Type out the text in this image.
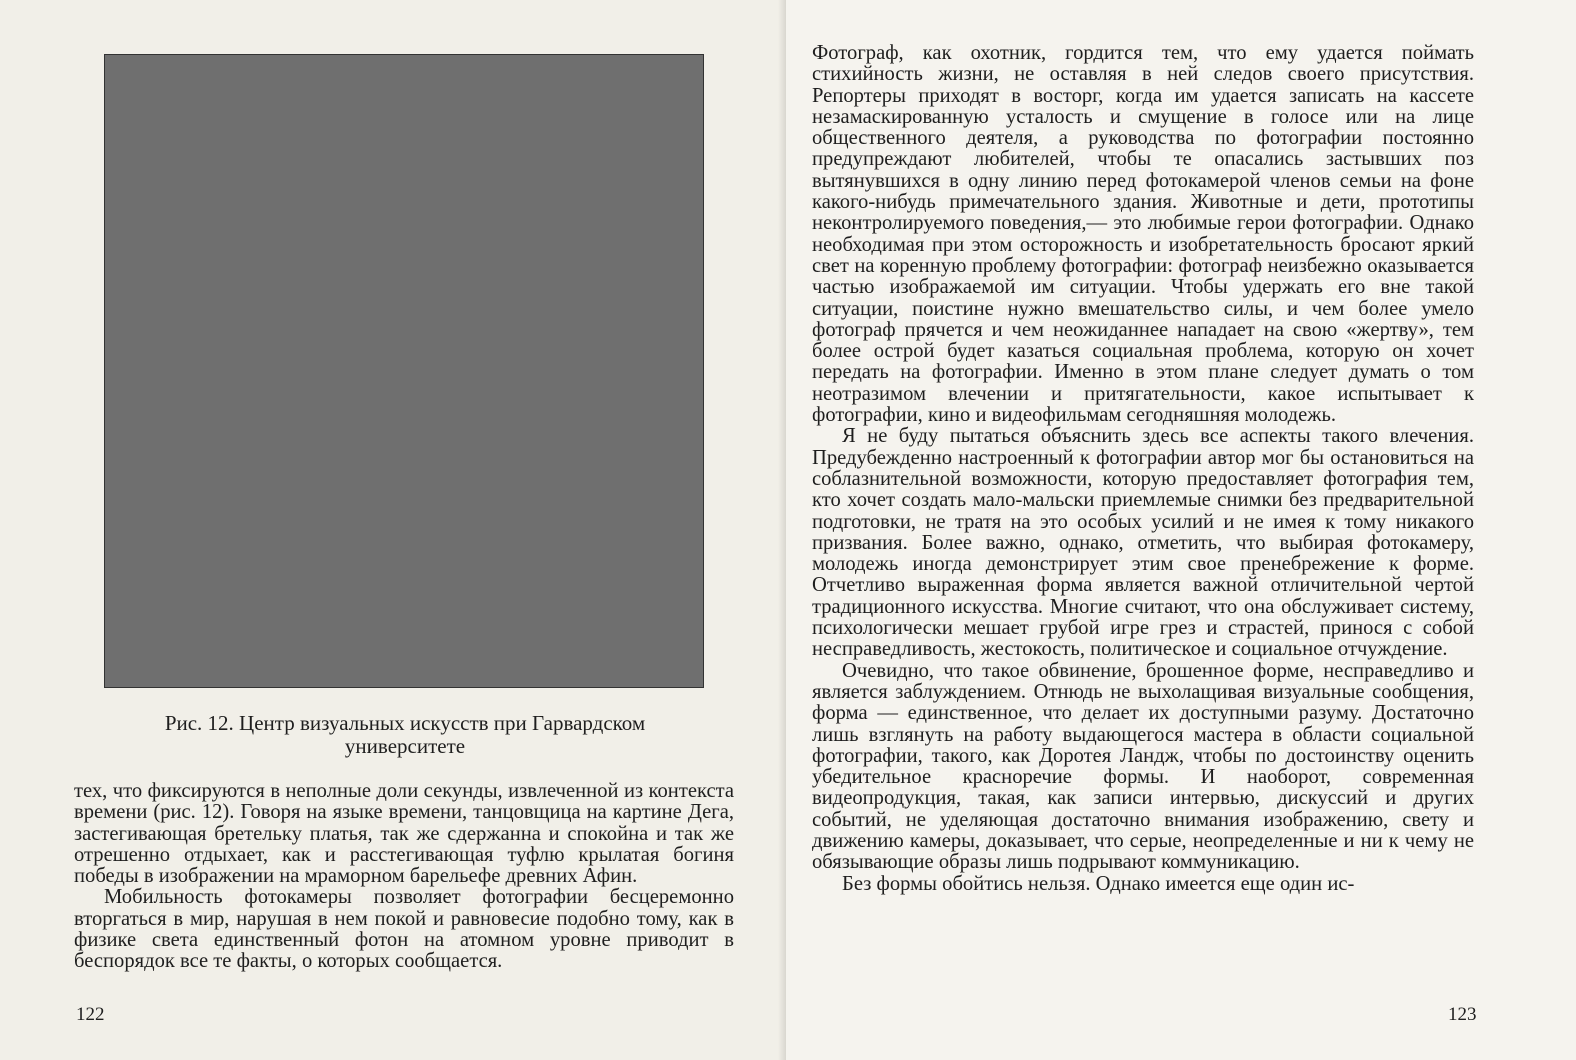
Рис. 12. Центр визуальных искусств при Гарвардском университете

тех, что фиксируются в неполные доли секунды, извлеченной из контекста времени (рис. 12). Говоря на языке времени, танцовщица на картине Дега, застегивающая бретельку платья, так же сдержанна и спокойна и так же отрешенно отдыхает, как и расстегивающая туфлю крылатая богиня победы в изображении на мраморном барельефе древних Афин.

Мобильность фотокамеры позволяет фотографии бесцеремонно вторгаться в мир, нарушая в нем покой и равновесие подобно тому, как в физике света единственный фотон на атомном уровне приводит в беспорядок все те факты, о которых сообщается.

122	123

Фотограф, как охотник, гордится тем, что ему удается поймать стихийность жизни, не оставляя в ней следов своего присутствия. Репортеры приходят в восторг, когда им удается записать на кассете незамаскированную усталость и смущение в голосе или на лице общественного деятеля, а руководства по фотографии постоянно предупреждают любителей, чтобы те опасались застывших поз вытянувшихся в одну линию перед фотокамерой членов семьи на фоне какого-нибудь примечательного здания. Животные и дети, прототипы неконтролируемого поведения,— это любимые герои фотографии. Однако необходимая при этом осторожность и изобретательность бросают яркий свет на коренную проблему фотографии: фотограф неизбежно оказывается частью изображаемой им ситуации. Чтобы удержать его вне такой ситуации, поистине нужно вмешательство силы, и чем более умело фотограф прячется и чем неожиданнее нападает на свою «жертву», тем более острой будет казаться социальная проблема, которую он хочет передать на фотографии. Именно в этом плане следует думать о том неотразимом влечении и притягательности, какое испытывает к фотографии, кино и видеофильмам сегодняшняя молодежь.

Я не буду пытаться объяснить здесь все аспекты такого влечения. Предубежденно настроенный к фотографии автор мог бы остановиться на соблазнительной возможности, которую предоставляет фотография тем, кто хочет создать мало-мальски приемлемые снимки без предварительной подготовки, не тратя на это особых усилий и не имея к тому никакого призвания. Более важно, однако, отметить, что выбирая фотокамеру, молодежь иногда демонстрирует этим свое пренебрежение к форме. Отчетливо выраженная форма является важной отличительной чертой традиционного искусства. Многие считают, что она обслуживает систему, психологически мешает грубой игре грез и страстей, принося с собой несправедливость, жестокость, политическое и социальное отчуждение.

Очевидно, что такое обвинение, брошенное форме, несправедливо и является заблуждением. Отнюдь не выхолащивая визуальные сообщения, форма — единственное, что делает их доступными разуму. Достаточно лишь взглянуть на работу выдающегося мастера в области социальной фотографии, такого, как Доротея Ландж, чтобы по достоинству оценить убедительное красноречие формы. И наоборот, современная видеопродукция, такая, как записи интервью, дискуссий и других событий, не уделяющая достаточно внимания изображению, свету и движению камеры, доказывает, что серые, неопределенные и ни к чему не обязывающие образы лишь подрывают коммуникацию.

Без формы обойтись нельзя. Однако имеется еще один ис-
